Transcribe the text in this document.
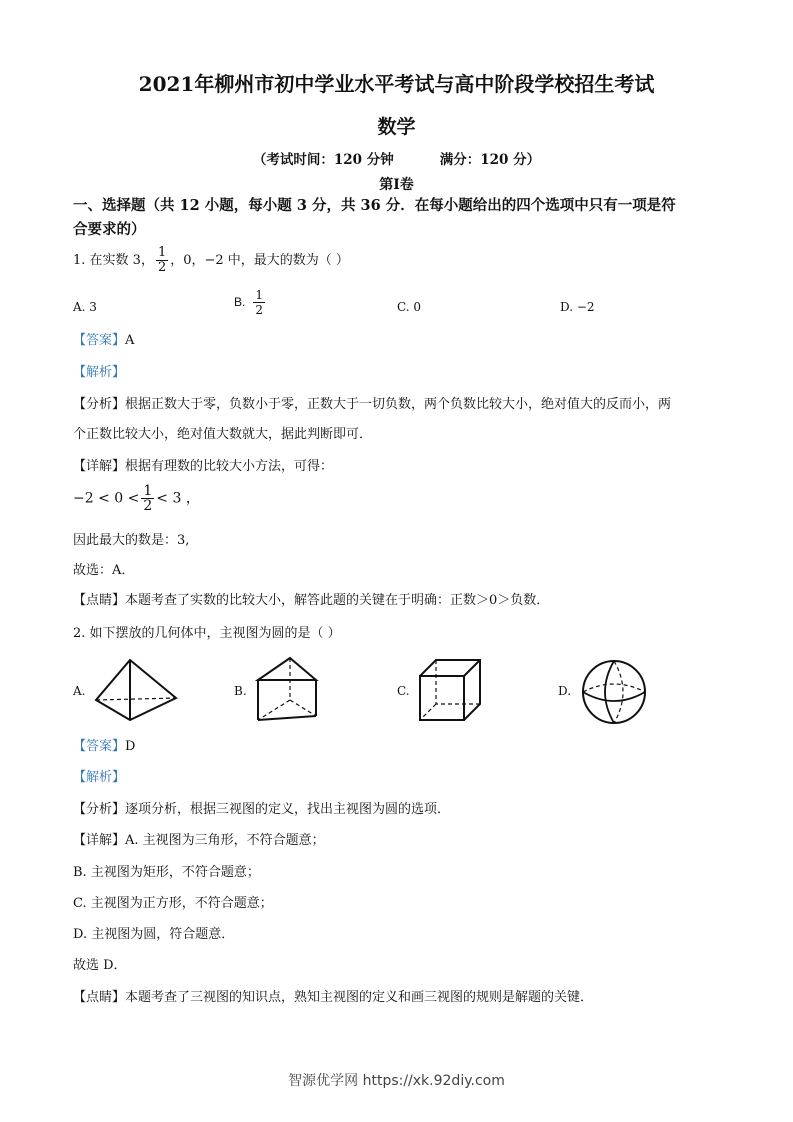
2021年柳州市初中学业水平考试与高中阶段学校招生考试
数学
（考试时间：120 分钟	满分：120 分）
第Ⅰ卷
一、选择题（共 12 小题，每小题 3 分，共 36 分．在每小题给出的四个选项中只有一项是符
合要求的）
1. 在实数 3， $\frac{1}{2}$ ，0，−2 中，最大的数为（ ）
A. 3	B. $\frac{1}{2}$	C. 0	D. −2
【答案】A
【解析】
【分析】根据正数大于零，负数小于零，正数大于一切负数，两个负数比较大小，绝对值大的反而小，两
个正数比较大小，绝对值大数就大，据此判断即可．
【详解】根据有理数的比较大小方法，可得：
$-2 < 0 < \frac{1}{2} < 3$ ，
因此最大的数是：3,
故选：A．
【点睛】本题考查了实数的比较大小，解答此题的关键在于明确：正数＞0＞负数．
2. 如下摆放的几何体中，主视图为圆的是（ ）
A.	B.	C.	D.
【答案】D
【解析】
【分析】逐项分析，根据三视图的定义，找出主视图为圆的选项．
【详解】A. 主视图为三角形，不符合题意；
B. 主视图为矩形，不符合题意；
C. 主视图为正方形，不符合题意；
D. 主视图为圆，符合题意．
故选 D．
【点睛】本题考查了三视图的知识点，熟知主视图的定义和画三视图的规则是解题的关键．
智源优学网 https://xk.92diy.com
